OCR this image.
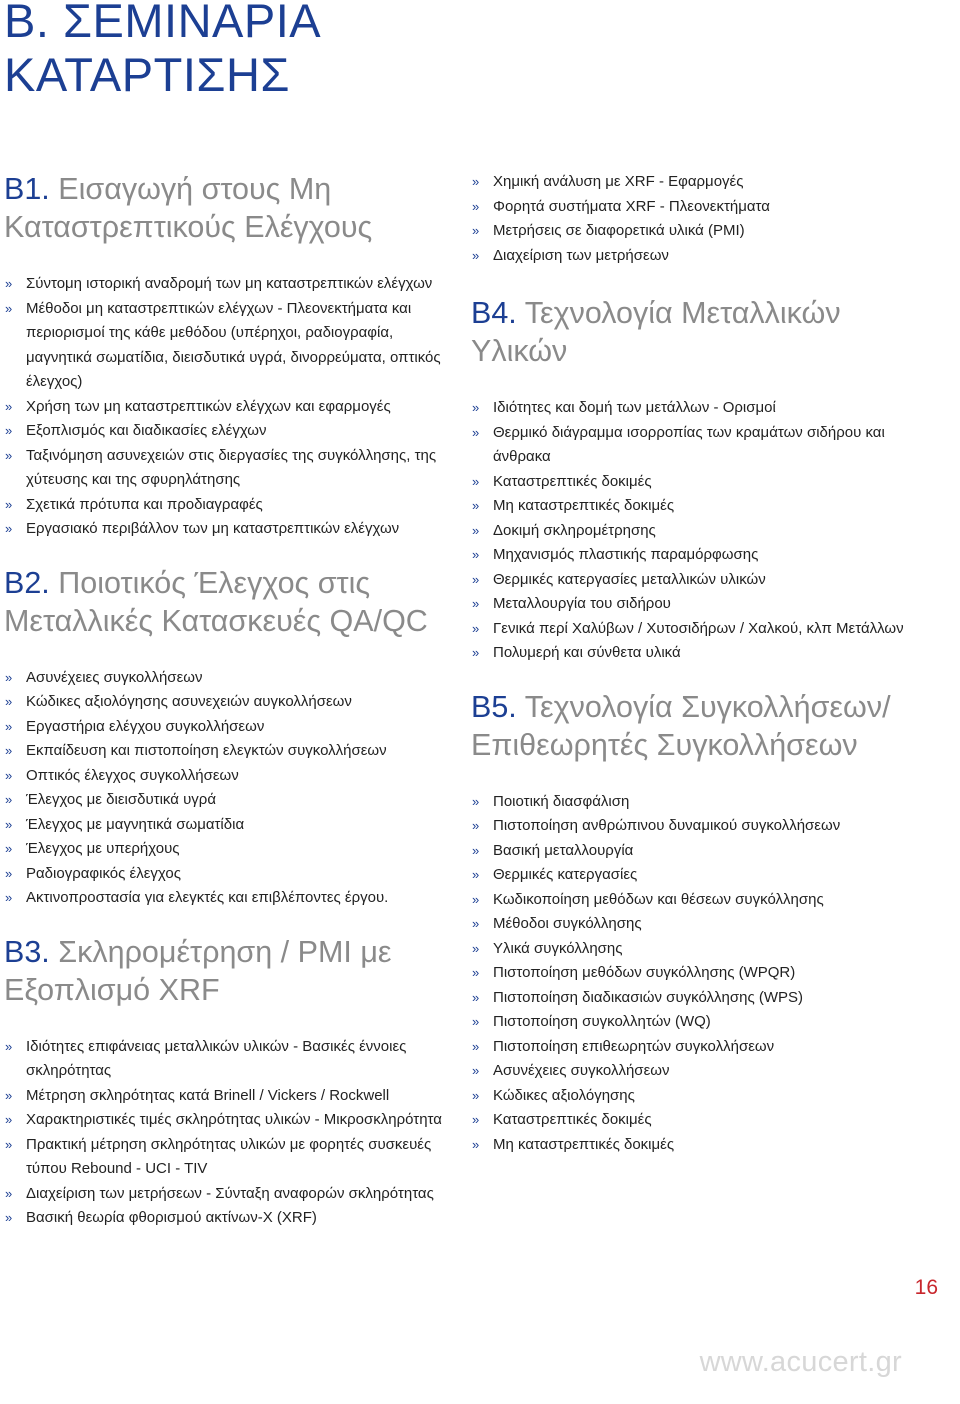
Β. ΣΕΜΙΝΑΡΙΑ
ΚΑΤΑΡΤΙΣΗΣ
Β1. Εισαγωγή στους Μη Καταστρεπτικούς Ελέγχους
» Σύντομη ιστορική αναδρομή των μη καταστρεπτικών ελέγχων
» Μέθοδοι μη καταστρεπτικών ελέγχων - Πλεονεκτήματα και περιορισμοί της κάθε μεθόδου (υπέρηχοι, ραδιογραφία, μαγνητικά σωματίδια, διεισδυτικά υγρά, δινορρεύματα, οπτικός έλεγχος)
» Χρήση των μη καταστρεπτικών ελέγχων και εφαρμογές
» Εξοπλισμός και διαδικασίες ελέγχων
» Ταξινόμηση ασυνεχειών στις διεργασίες της συγκόλλησης, της χύτευσης και της σφυρηλάτησης
» Σχετικά πρότυπα και προδιαγραφές
» Εργασιακό περιβάλλον των μη καταστρεπτικών ελέγχων
Β2. Ποιοτικός Έλεγχος στις Μεταλλικές Κατασκευές QA/QC
» Ασυνέχειες συγκολλήσεων
» Κώδικες αξιολόγησης ασυνεχειών αυγκολλήσεων
» Εργαστήρια ελέγχου συγκολλήσεων
» Εκπαίδευση και πιστοποίηση ελεγκτών συγκολλήσεων
» Οπτικός έλεγχος συγκολλήσεων
» Έλεγχος με διεισδυτικά υγρά
» Έλεγχος με μαγνητικά σωματίδια
» Έλεγχος με υπερήχους
» Ραδιογραφικός έλεγχος
» Ακτινοπροστασία για ελεγκτές και επιβλέποντες έργου.
Β3. Σκληρομέτρηση / PMI με Εξοπλισμό XRF
» Ιδιότητες επιφάνειας μεταλλικών υλικών - Βασικές έννοιες σκληρότητας
» Μέτρηση σκληρότητας κατά Brinell / Vickers / Rockwell
» Χαρακτηριστικές τιμές σκληρότητας υλικών - Μικροσκληρότητα
» Πρακτική μέτρηση σκληρότητας υλικών με φορητές συσκευές τύπου Rebound - UCI - TIV
» Διαχείριση των μετρήσεων - Σύνταξη αναφορών σκληρότητας
» Βασική θεωρία φθορισμού ακτίνων-Χ (XRF)
» Χημική ανάλυση με XRF - Εφαρμογές
» Φορητά συστήματα XRF - Πλεονεκτήματα
» Μετρήσεις σε διαφορετικά υλικά (PMI)
» Διαχείριση των μετρήσεων
Β4. Τεχνολογία Μεταλλικών Υλικών
» Ιδιότητες και δομή των μετάλλων - Ορισμοί
» Θερμικό διάγραμμα ισορροπίας των κραμάτων σιδήρου και άνθρακα
» Καταστρεπτικές δοκιμές
» Μη καταστρεπτικές δοκιμές
» Δοκιμή σκληρομέτρησης
» Μηχανισμός πλαστικής παραμόρφωσης
» Θερμικές κατεργασίες μεταλλικών υλικών
» Μεταλλουργία του σιδήρου
» Γενικά περί Χαλύβων / Χυτοσιδήρων / Χαλκού, κλπ Μετάλλων
» Πολυμερή και σύνθετα υλικά
Β5. Τεχνολογία Συγκολλήσεων/ Επιθεωρητές Συγκολλήσεων
» Ποιοτική διασφάλιση
» Πιστοποίηση ανθρώπινου δυναμικού συγκολλήσεων
» Βασική μεταλλουργία
» Θερμικές κατεργασίες
» Κωδικοποίηση μεθόδων και θέσεων συγκόλλησης
» Μέθοδοι συγκόλλησης
» Υλικά συγκόλλησης
» Πιστοποίηση μεθόδων συγκόλλησης (WPQR)
» Πιστοποίηση διαδικασιών συγκόλλησης (WPS)
» Πιστοποίηση συγκολλητών (WQ)
» Πιστοποίηση επιθεωρητών συγκολλήσεων
» Ασυνέχειες συγκολλήσεων
» Κώδικες αξιολόγησης
» Καταστρεπτικές δοκιμές
» Μη καταστρεπτικές δοκιμές
16
www.acucert.gr
